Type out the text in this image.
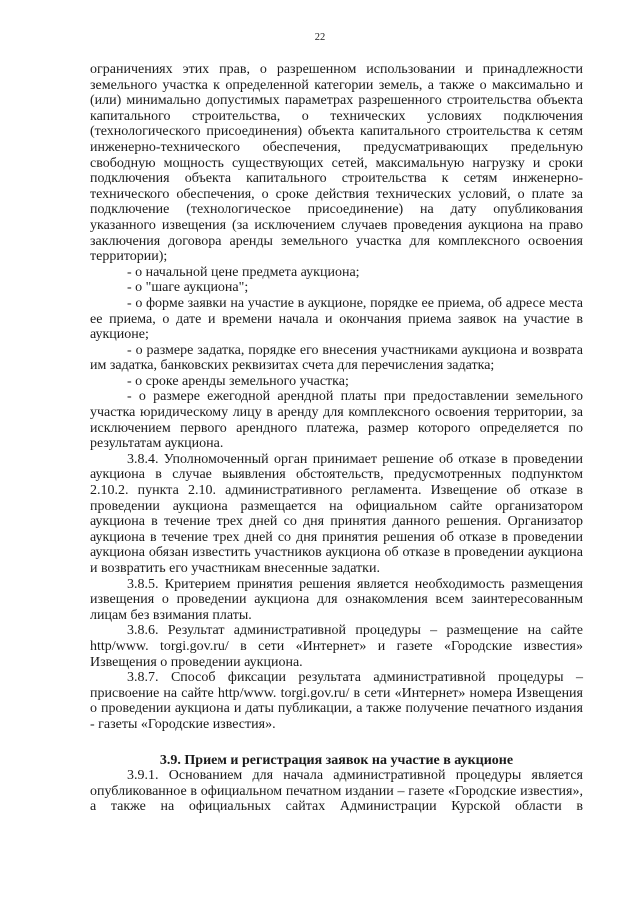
22

ограничениях этих прав, о разрешенном использовании и принадлежности земельного участка к определенной категории земель, а также о максимально и (или) минимально допустимых параметрах разрешенного строительства объекта капитального строительства, о технических условиях подключения (технологического присоединения) объекта капитального строительства к сетям инженерно-технического обеспечения, предусматривающих предельную свободную мощность существующих сетей, максимальную нагрузку и сроки подключения объекта капитального строительства к сетям инженерно-технического обеспечения, о сроке действия технических условий, о плате за подключение (технологическое присоединение) на дату опубликования указанного извещения (за исключением случаев проведения аукциона на право заключения договора аренды земельного участка для комплексного освоения территории);

- о начальной цене предмета аукциона;

- о "шаге аукциона";

- о форме заявки на участие в аукционе, порядке ее приема, об адресе места ее приема, о дате и времени начала и окончания приема заявок на участие в аукционе;

- о размере задатка, порядке его внесения участниками аукциона и возврата им задатка, банковских реквизитах счета для перечисления задатка;

- о сроке аренды земельного участка;

- о размере ежегодной арендной платы при предоставлении земельного участка юридическому лицу в аренду для комплексного освоения территории, за исключением первого арендного платежа, размер которого определяется по результатам аукциона.

3.8.4. Уполномоченный орган принимает решение об отказе в проведении аукциона в случае выявления обстоятельств, предусмотренных подпунктом 2.10.2. пункта 2.10. административного регламента. Извещение об отказе в проведении аукциона размещается на официальном сайте организатором аукциона в течение трех дней со дня принятия данного решения. Организатор аукциона в течение трех дней со дня принятия решения об отказе в проведении аукциона обязан известить участников аукциона об отказе в проведении аукциона и возвратить его участникам внесенные задатки.

3.8.5. Критерием принятия решения является необходимость размещения извещения о проведении аукциона для ознакомления всем заинтересованным лицам без взимания платы.

3.8.6. Результат административной процедуры – размещение на сайте http/www. torgi.gov.ru/ в сети «Интернет» и газете «Городские известия» Извещения о проведении аукциона.

3.8.7. Способ фиксации результата административной процедуры – присвоение на сайте http/www. torgi.gov.ru/ в сети «Интернет» номера Извещения о проведении аукциона и даты публикации, а также получение печатного издания - газеты «Городские известия».

3.9. Прием и регистрация заявок на участие в аукционе

3.9.1. Основанием для начала административной процедуры является опубликованное в официальном печатном издании – газете «Городские известия», а также на официальных сайтах Администрации Курской области в
